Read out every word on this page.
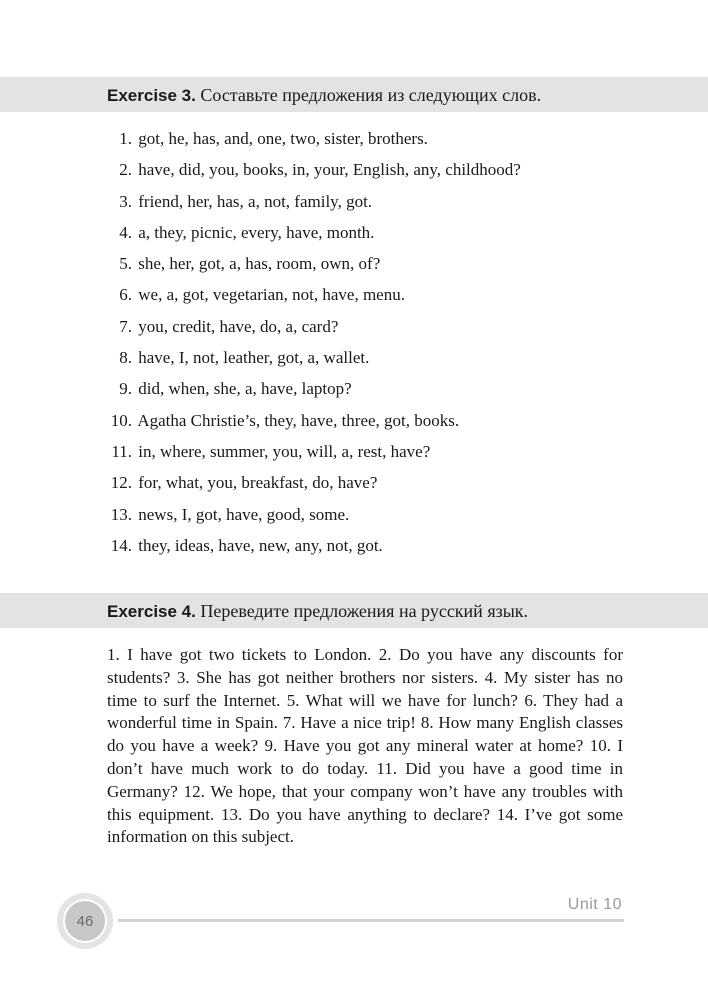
Exercise 3. Составьте предложения из следующих слов.
1. got, he, has, and, one, two, sister, brothers.
2. have, did, you, books, in, your, English, any, childhood?
3. friend, her, has, a, not, family, got.
4. a, they, picnic, every, have, month.
5. she, her, got, a, has, room, own, of?
6. we, a, got, vegetarian, not, have, menu.
7. you, credit, have, do, a, card?
8. have, I, not, leather, got, a, wallet.
9. did, when, she, a, have, laptop?
10. Agatha Christie’s, they, have, three, got, books.
11. in, where, summer, you, will, a, rest, have?
12. for, what, you, breakfast, do, have?
13. news, I, got, have, good, some.
14. they, ideas, have, new, any, not, got.
Exercise 4. Переведите предложения на русский язык.

1. I have got two tickets to London. 2. Do you have any discounts for students? 3. She has got neither brothers nor sisters. 4. My sister has no time to surf the Internet. 5. What will we have for lunch? 6. They had a wonderful time in Spain. 7. Have a nice trip! 8. How many English classes do you have a week? 9. Have you got any mineral water at home? 10. I don’t have much work to do today. 11. Did you have a good time in Germany? 12. We hope, that your company won’t have any troubles with this equipment. 13. Do you have anything to declare? 14. I’ve got some information on this subject.

46
Unit 10
